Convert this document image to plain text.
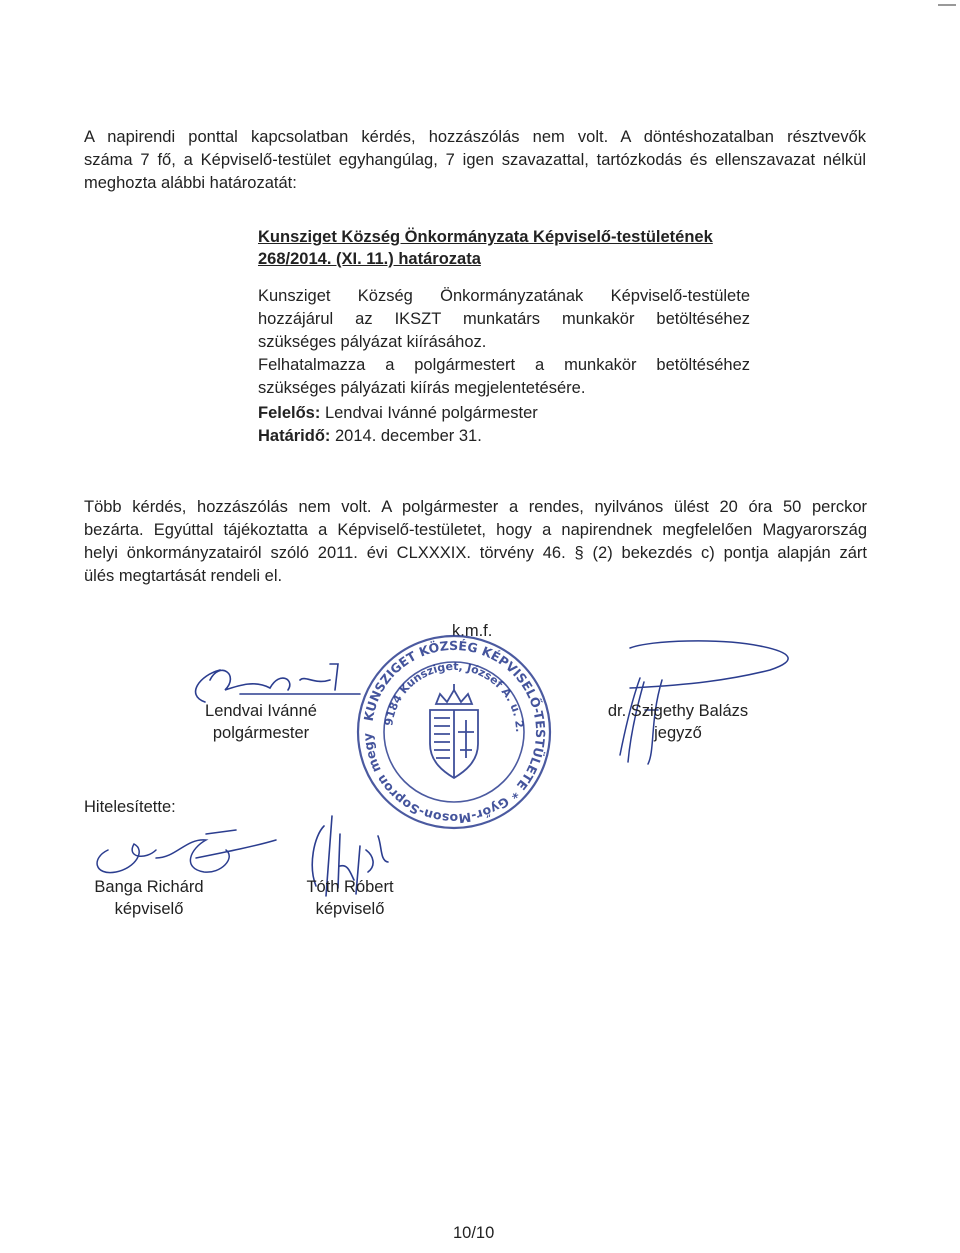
A napirendi ponttal kapcsolatban kérdés, hozzászólás nem volt. A döntéshozatalban résztvevők
száma 7 fő, a Képviselő-testület egyhangúlag, 7 igen szavazattal, tartózkodás és ellenszavazat nélkül
meghozta alábbi határozatát:
Kunsziget Község Önkormányzata Képviselő-testületének
268/2014. (XI. 11.) határozata
Kunsziget Község Önkormányzatának Képviselő-testülete
hozzájárul az IKSZT munkatárs munkakör betöltéséhez
szükséges pályázat kiírásához.
Felhatalmazza a polgármestert a munkakör betöltéséhez
szükséges pályázati kiírás megjelentetésére.
Felelős: Lendvai Ivánné polgármester
Határidő: 2014. december 31.
Több kérdés, hozzászólás nem volt. A polgármester a rendes, nyilvános ülést 20 óra 50 perckor
bezárta. Egyúttal tájékoztatta a Képviselő-testületet, hogy a napirendnek megfelelően Magyarország
helyi önkormányzatairól szóló 2011. évi CLXXXIX. törvény 46. § (2) bekezdés c) pontja alapján zárt
ülés megtartását rendeli el.
k.m.f.
Lendvai Ivánné
polgármester
KUNSZIGET KÖZSÉG KÉPVISELŐ-TESTÜLETE * Győr-Moson-Sopron megye *
9184 Kunsziget, József A. u. 2.
dr. Szigethy Balázs
jegyző
Hitelesítette:
Banga Richárd
képviselő
Tóth Róbert
képviselő
10/10
